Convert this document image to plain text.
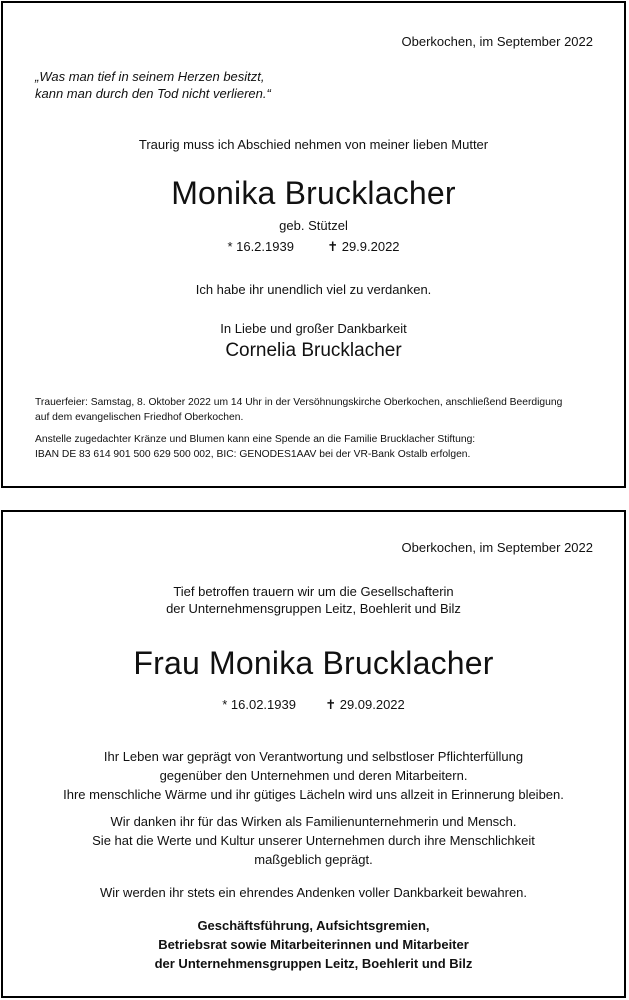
Oberkochen, im September 2022

„Was man tief in seinem Herzen besitzt,
kann man durch den Tod nicht verlieren.“

Traurig muss ich Abschied nehmen von meiner lieben Mutter

Monika Brucklacher

geb. Stützel

* 16.2.1939	✝ 29.9.2022

Ich habe ihr unendlich viel zu verdanken.

In Liebe und großer Dankbarkeit

Cornelia Brucklacher

Trauerfeier: Samstag, 8. Oktober 2022 um 14 Uhr in der Versöhnungskirche Oberkochen, anschließend Beerdigung
auf dem evangelischen Friedhof Oberkochen.

Anstelle zugedachter Kränze und Blumen kann eine Spende an die Familie Brucklacher Stiftung:
IBAN DE 83 614 901 500 629 500 002, BIC: GENODES1AAV bei der VR-Bank Ostalb erfolgen.

Oberkochen, im September 2022

Tief betroffen trauern wir um die Gesellschafterin

der Unternehmensgruppen Leitz, Boehlerit und Bilz

Frau Monika Brucklacher

* 16.02.1939 ✝ 29.09.2022

Ihr Leben war geprägt von Verantwortung und selbstloser Pflichterfüllung
gegenüber den Unternehmen und deren Mitarbeitern.
Ihre menschliche Wärme und ihr gütiges Lächeln wird uns allzeit in Erinnerung bleiben.
Wir danken ihr für das Wirken als Familienunternehmerin und Mensch.
Sie hat die Werte und Kultur unserer Unternehmen durch ihre Menschlichkeit
maßgeblich geprägt.

Wir werden ihr stets ein ehrendes Andenken voller Dankbarkeit bewahren.

Geschäftsführung, Aufsichtsgremien,
Betriebsrat sowie Mitarbeiterinnen und Mitarbeiter
der Unternehmensgruppen Leitz, Boehlerit und Bilz
